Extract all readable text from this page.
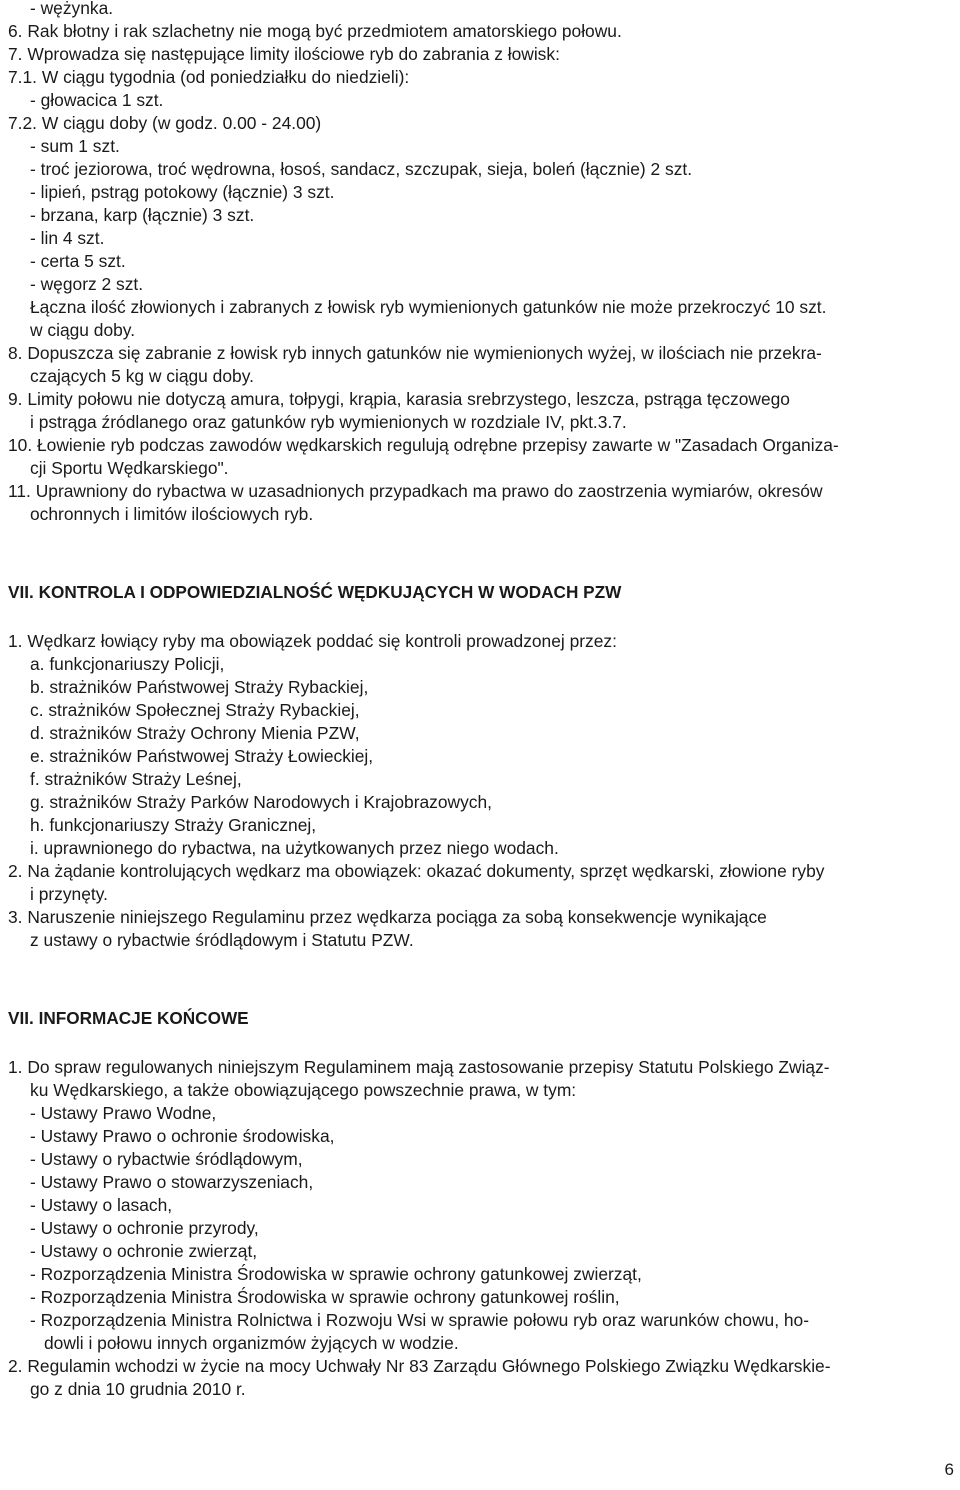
- wężynka.
6. Rak błotny i rak szlachetny nie mogą być przedmiotem amatorskiego połowu.
7. Wprowadza się następujące limity ilościowe ryb do zabrania z łowisk:
7.1. W ciągu tygodnia (od poniedziałku do niedzieli):
- głowacica 1 szt.
7.2. W ciągu doby (w godz. 0.00 - 24.00)
- sum 1 szt.
- troć jeziorowa, troć wędrowna, łosoś, sandacz, szczupak, sieja, boleń (łącznie) 2 szt.
- lipień, pstrąg potokowy (łącznie) 3 szt.
- brzana, karp (łącznie) 3 szt.
- lin 4 szt.
- certa 5 szt.
- węgorz 2 szt.
Łączna ilość złowionych i zabranych z łowisk ryb wymienionych gatunków nie może przekroczyć 10 szt.
w ciągu doby.
8. Dopuszcza się zabranie z łowisk ryb innych gatunków nie wymienionych wyżej, w ilościach nie przekra-
czających 5 kg w ciągu doby.
9. Limity połowu nie dotyczą amura, tołpygi, krąpia, karasia srebrzystego, leszcza, pstrąga tęczowego
i pstrąga źródlanego oraz gatunków ryb wymienionych w rozdziale IV, pkt.3.7.
10. Łowienie ryb podczas zawodów wędkarskich regulują odrębne przepisy zawarte w "Zasadach Organiza-
cji Sportu Wędkarskiego".
11. Uprawniony do rybactwa w uzasadnionych przypadkach ma prawo do zaostrzenia wymiarów, okresów
ochronnych i limitów ilościowych ryb.
VII. KONTROLA I ODPOWIEDZIALNOŚĆ WĘDKUJĄCYCH W WODACH PZW
1. Wędkarz łowiący ryby ma obowiązek poddać się kontroli prowadzonej przez:
a. funkcjonariuszy Policji,
b. strażników Państwowej Straży Rybackiej,
c. strażników Społecznej Straży Rybackiej,
d. strażników Straży Ochrony Mienia PZW,
e. strażników Państwowej Straży Łowieckiej,
f. strażników Straży Leśnej,
g. strażników Straży Parków Narodowych i Krajobrazowych,
h. funkcjonariuszy Straży Granicznej,
i. uprawnionego do rybactwa, na użytkowanych przez niego wodach.
2. Na żądanie kontrolujących wędkarz ma obowiązek: okazać dokumenty, sprzęt wędkarski, złowione ryby
i przynęty.
3. Naruszenie niniejszego Regulaminu przez wędkarza pociąga za sobą konsekwencje wynikające
z ustawy o rybactwie śródlądowym i Statutu PZW.
VII. INFORMACJE KOŃCOWE
1. Do spraw regulowanych niniejszym Regulaminem mają zastosowanie przepisy Statutu Polskiego Związ-
ku Wędkarskiego, a także obowiązującego powszechnie prawa, w tym:
- Ustawy Prawo Wodne,
- Ustawy Prawo o ochronie środowiska,
- Ustawy o rybactwie śródlądowym,
- Ustawy Prawo o stowarzyszeniach,
- Ustawy o lasach,
- Ustawy o ochronie przyrody,
- Ustawy o ochronie zwierząt,
- Rozporządzenia Ministra Środowiska w sprawie ochrony gatunkowej zwierząt,
- Rozporządzenia Ministra Środowiska w sprawie ochrony gatunkowej roślin,
- Rozporządzenia Ministra Rolnictwa i Rozwoju Wsi w sprawie połowu ryb oraz warunków chowu, ho-
dowli i połowu innych organizmów żyjących w wodzie.
2. Regulamin wchodzi w życie na mocy Uchwały Nr 83 Zarządu Głównego Polskiego Związku Wędkarskie-
go z dnia 10 grudnia 2010 r.
6
